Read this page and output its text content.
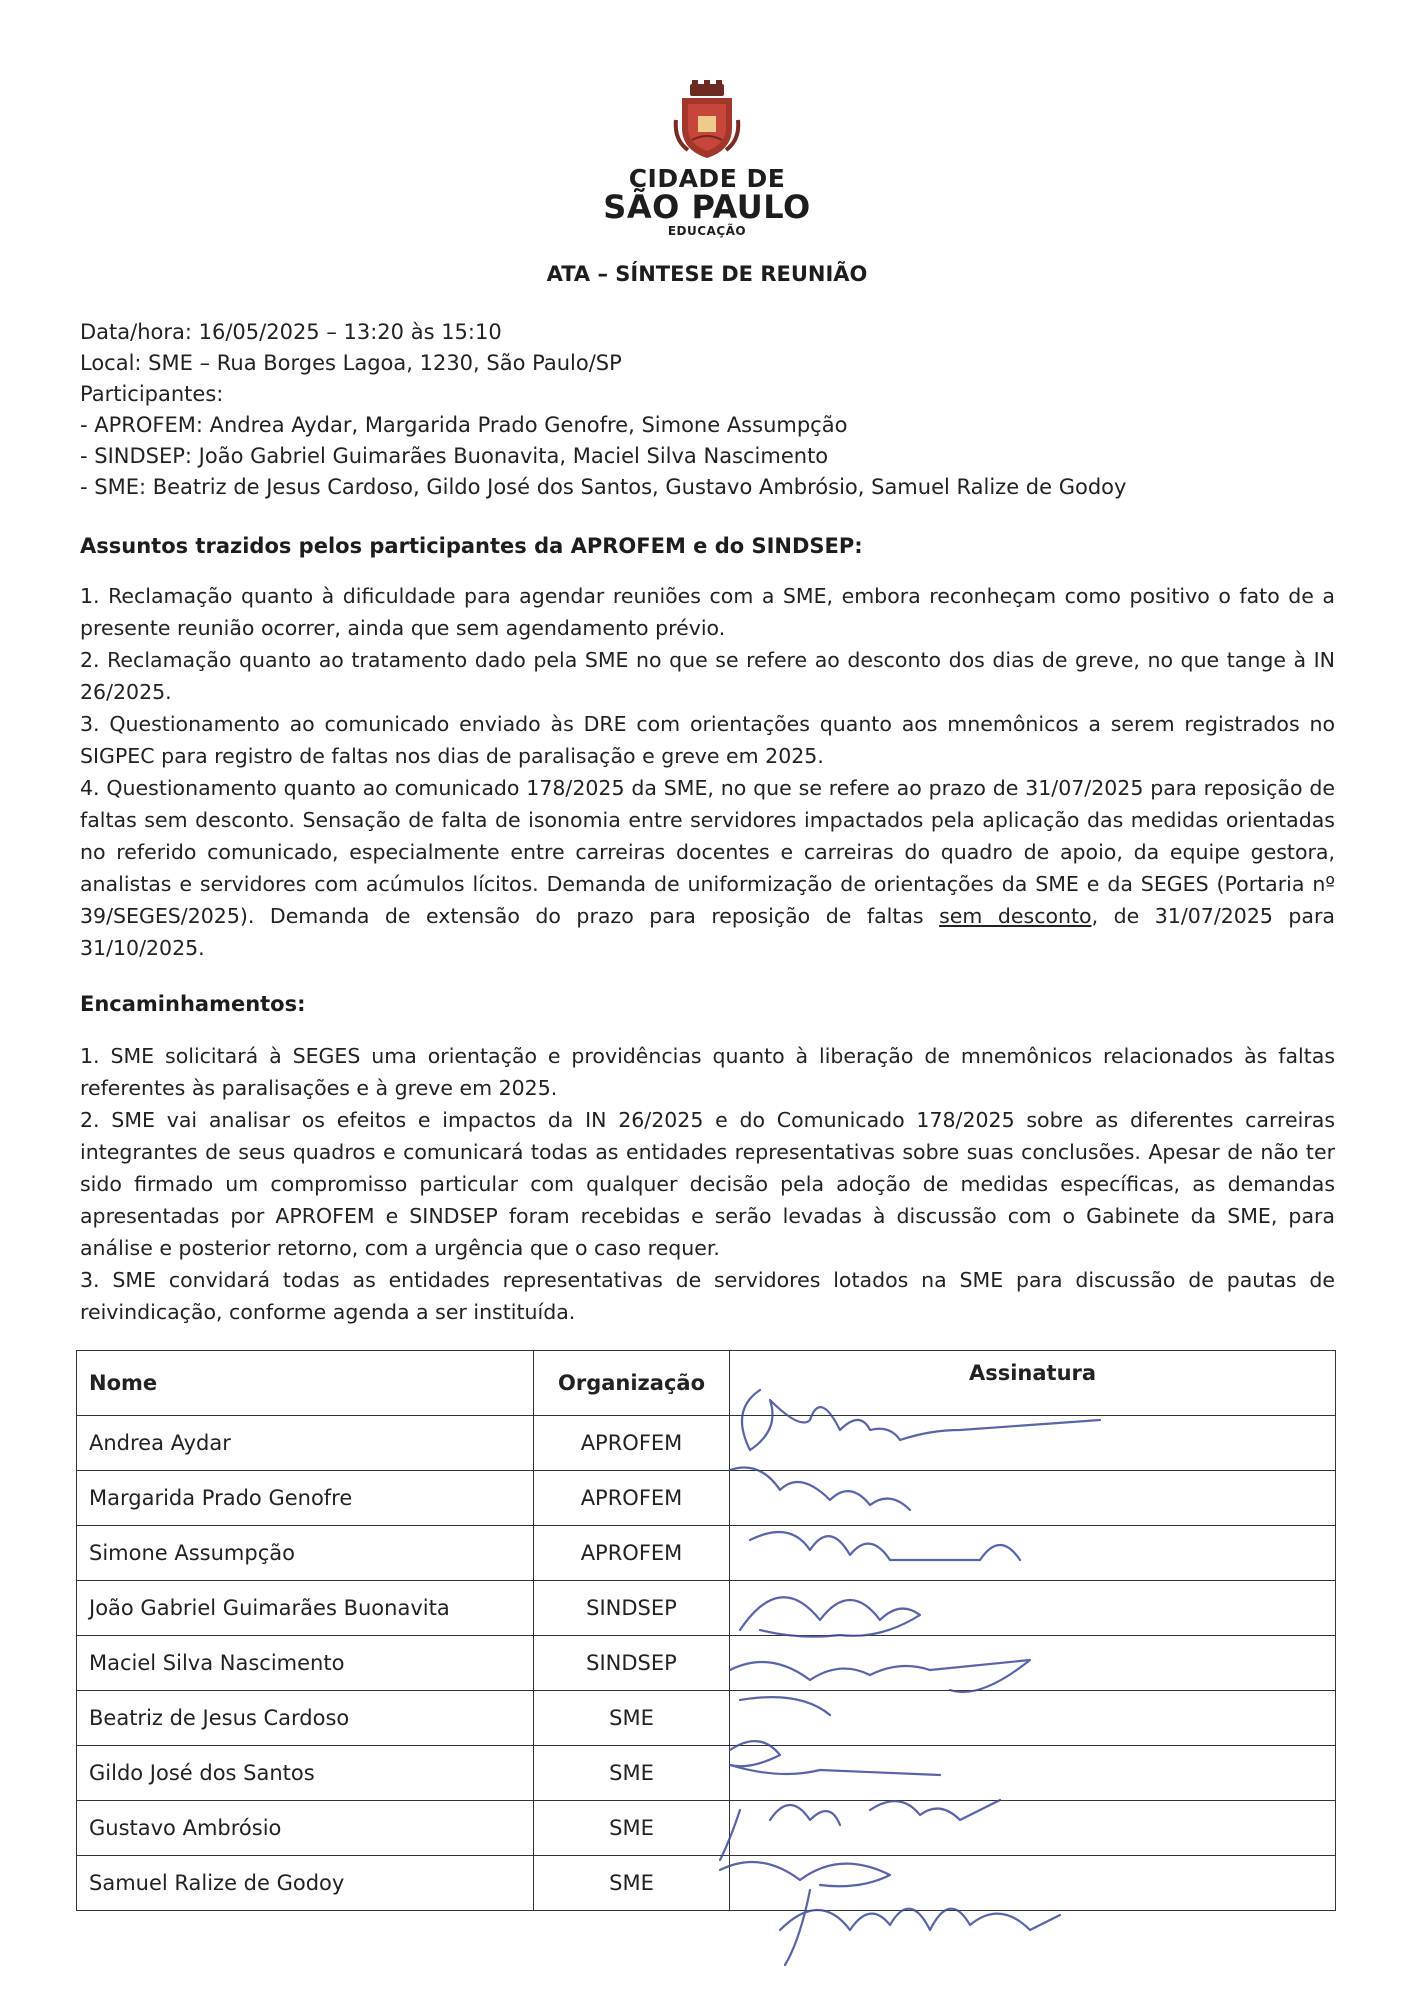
CIDADE DE
SÃO PAULO
EDUCAÇÃO
ATA – SÍNTESE DE REUNIÃO
Data/hora: 16/05/2025 – 13:20 às 15:10
Local: SME – Rua Borges Lagoa, 1230, São Paulo/SP
Participantes:
- APROFEM: Andrea Aydar, Margarida Prado Genofre, Simone Assumpção
- SINDSEP: João Gabriel Guimarães Buonavita, Maciel Silva Nascimento
- SME: Beatriz de Jesus Cardoso, Gildo José dos Santos, Gustavo Ambrósio, Samuel Ralize de Godoy
Assuntos trazidos pelos participantes da APROFEM e do SINDSEP:

1. Reclamação quanto à dificuldade para agendar reuniões com a SME, embora reconheçam como positivo o fato de a presente reunião ocorrer, ainda que sem agendamento prévio.

2. Reclamação quanto ao tratamento dado pela SME no que se refere ao desconto dos dias de greve, no que tange à IN 26/2025.

3. Questionamento ao comunicado enviado às DRE com orientações quanto aos mnemônicos a serem registrados no SIGPEC para registro de faltas nos dias de paralisação e greve em 2025.

4. Questionamento quanto ao comunicado 178/2025 da SME, no que se refere ao prazo de 31/07/2025 para reposição de faltas sem desconto. Sensação de falta de isonomia entre servidores impactados pela aplicação das medidas orientadas no referido comunicado, especialmente entre carreiras docentes e carreiras do quadro de apoio, da equipe gestora, analistas e servidores com acúmulos lícitos. Demanda de uniformização de orientações da SME e da SEGES (Portaria nº 39/SEGES/2025). Demanda de extensão do prazo para reposição de faltas sem desconto, de 31/07/2025 para 31/10/2025.

Encaminhamentos:

1. SME solicitará à SEGES uma orientação e providências quanto à liberação de mnemônicos relacionados às faltas referentes às paralisações e à greve em 2025.

2. SME vai analisar os efeitos e impactos da IN 26/2025 e do Comunicado 178/2025 sobre as diferentes carreiras integrantes de seus quadros e comunicará todas as entidades representativas sobre suas conclusões. Apesar de não ter sido firmado um compromisso particular com qualquer decisão pela adoção de medidas específicas, as demandas apresentadas por APROFEM e SINDSEP foram recebidas e serão levadas à discussão com o Gabinete da SME, para análise e posterior retorno, com a urgência que o caso requer.

3. SME convidará todas as entidades representativas de servidores lotados na SME para discussão de pautas de reivindicação, conforme agenda a ser instituída.

Nome	Organização	Assinatura
Andrea Aydar	APROFEM	
Margarida Prado Genofre	APROFEM	
Simone Assumpção	APROFEM	
João Gabriel Guimarães Buonavita	SINDSEP	
Maciel Silva Nascimento	SINDSEP	
Beatriz de Jesus Cardoso	SME	
Gildo José dos Santos	SME	
Gustavo Ambrósio	SME	
Samuel Ralize de Godoy	SME	
